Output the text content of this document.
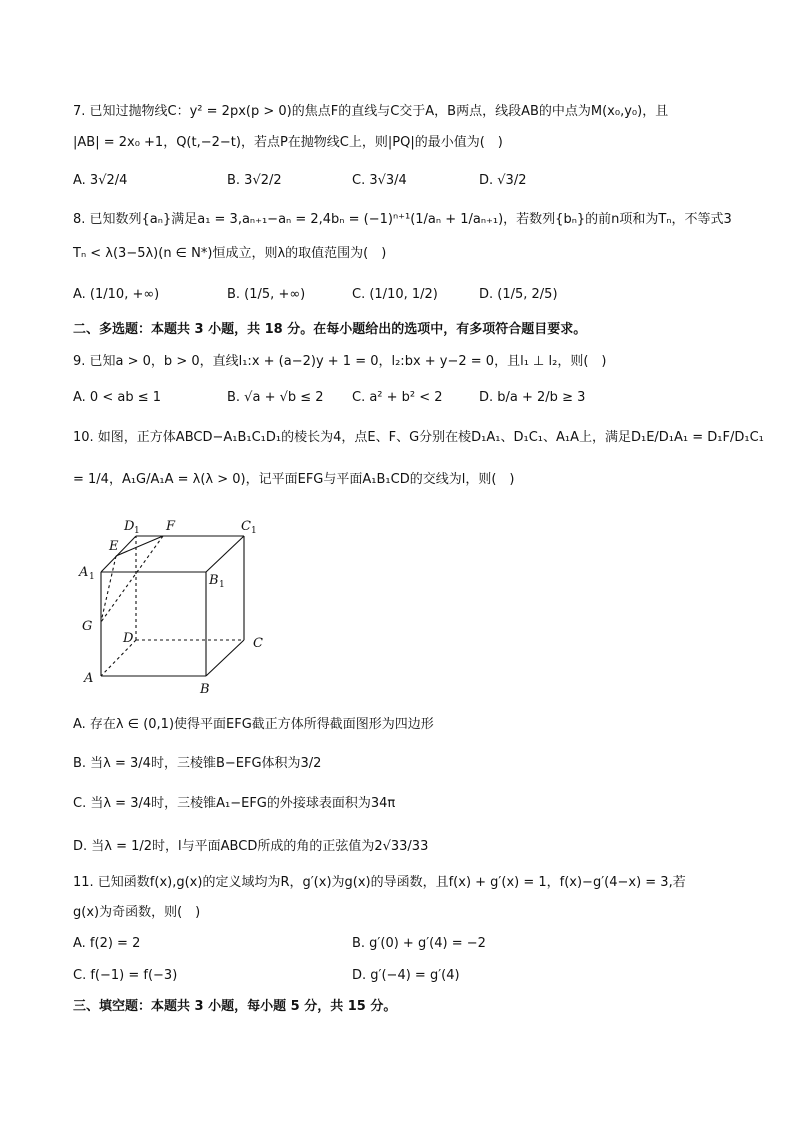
7. 已知过抛物线C：y² = 2px(p > 0)的焦点F的直线与C交于A，B两点，线段AB的中点为M(x₀,y₀)，且
|AB| = 2x₀ +1，Q(t,−2−t)，若点P在抛物线C上，则|PQ|的最小值为(　)
A. 3√2/4	B. 3√2/2	C. 3√3/4	D. √3/2
8. 已知数列{aₙ}满足a₁ = 3,aₙ₊₁−aₙ = 2,4bₙ = (−1)ⁿ⁺¹(1/aₙ + 1/aₙ₊₁)，若数列{bₙ}的前n项和为Tₙ，不等式3
Tₙ < λ(3−5λ)(n ∈ N*)恒成立，则λ的取值范围为(　)
A. (1/10, +∞)	B. (1/5, +∞)	C. (1/10, 1/2)	D. (1/5, 2/5)
二、多选题：本题共 3 小题，共 18 分。在每小题给出的选项中，有多项符合题目要求。
9. 已知a > 0，b > 0，直线l₁:x + (a−2)y + 1 = 0，l₂:bx + y−2 = 0，且l₁ ⊥ l₂，则(　)
A. 0 < ab ≤ 1	B. √a + √b ≤ 2 C. a² + b² < 2	D. b/a + 2/b ≥ 3
10. 如图，正方体ABCD−A₁B₁C₁D₁的棱长为4，点E、F、G分别在棱D₁A₁、D₁C₁、A₁A上，满足D₁E/D₁A₁ = D₁F/D₁C₁
= 1/4，A₁G/A₁A = λ(λ > 0)，记平面EFG与平面A₁B₁CD的交线为l，则(　)
D 1 F	C 1
E
A 1	B 1
G
D	C
A
B
A. 存在λ ∈ (0,1)使得平面EFG截正方体所得截面图形为四边形
B. 当λ = 3/4时，三棱锥B−EFG体积为3/2
C. 当λ = 3/4时，三棱锥A₁−EFG的外接球表面积为34π
D. 当λ = 1/2时，l与平面ABCD所成的角的正弦值为2√33/33
11. 已知函数f(x),g(x)的定义域均为R，g′(x)为g(x)的导函数，且f(x) + g′(x) = 1，f(x)−g′(4−x) = 3,若
g(x)为奇函数，则(　)
A. f(2) = 2	B. g′(0) + g′(4) = −2
C. f(−1) = f(−3)	D. g′(−4) = g′(4)
三、填空题：本题共 3 小题，每小题 5 分，共 15 分。
